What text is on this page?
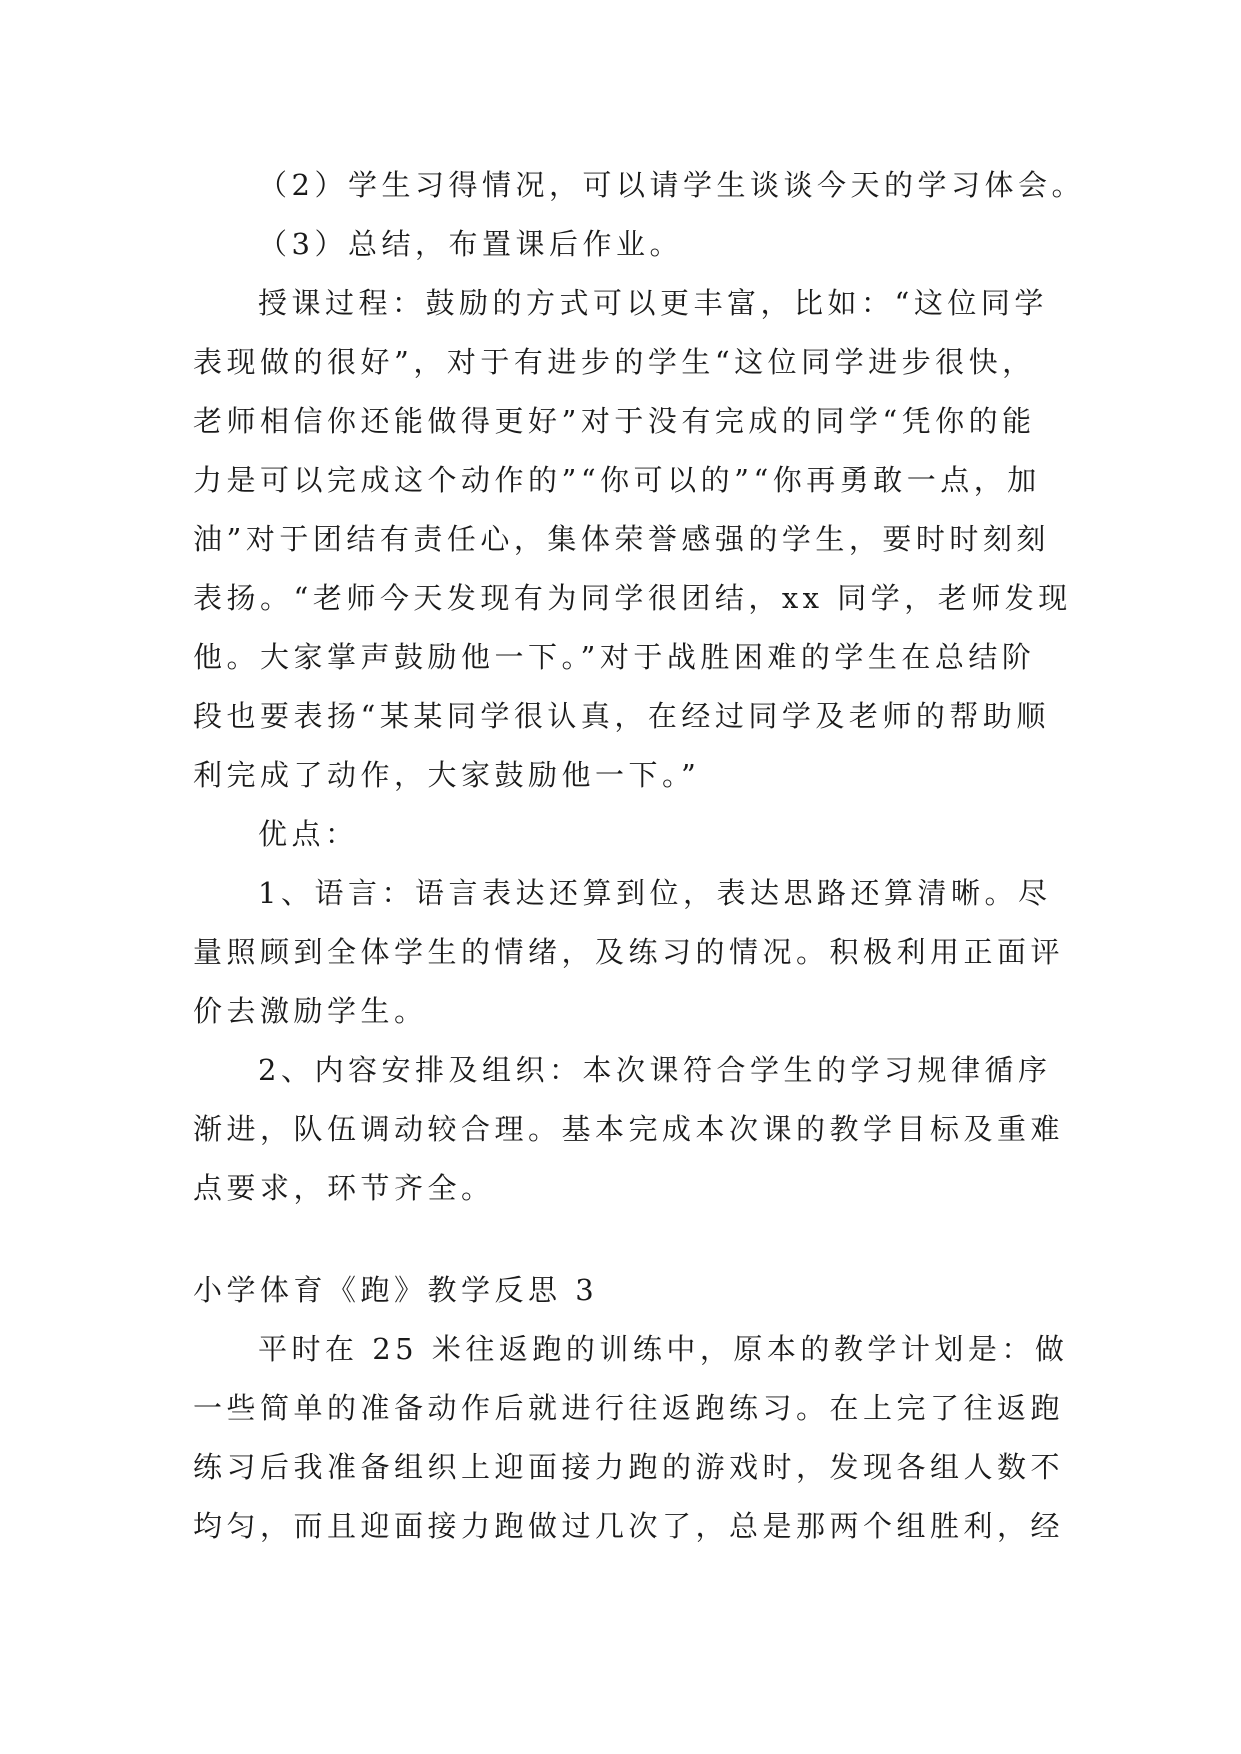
（2）学生习得情况，可以请学生谈谈今天的学习体会。
（3）总结，布置课后作业。
授课过程：鼓励的方式可以更丰富，比如：“这位同学
表现做的很好”，对于有进步的学生“这位同学进步很快，
老师相信你还能做得更好”对于没有完成的同学“凭你的能
力是可以完成这个动作的”“你可以的”“你再勇敢一点，加
油”对于团结有责任心，集体荣誉感强的学生，要时时刻刻
表扬。“老师今天发现有为同学很团结，xx 同学，老师发现
他。大家掌声鼓励他一下。”对于战胜困难的学生在总结阶
段也要表扬“某某同学很认真，在经过同学及老师的帮助顺
利完成了动作，大家鼓励他一下。”
优点：
1、语言：语言表达还算到位，表达思路还算清晰。尽
量照顾到全体学生的情绪，及练习的情况。积极利用正面评
价去激励学生。
2、内容安排及组织：本次课符合学生的学习规律循序
渐进，队伍调动较合理。基本完成本次课的教学目标及重难
点要求，环节齐全。
小学体育《跑》教学反思 3
平时在 25 米往返跑的训练中，原本的教学计划是：做
一些简单的准备动作后就进行往返跑练习。在上完了往返跑
练习后我准备组织上迎面接力跑的游戏时，发现各组人数不
均匀，而且迎面接力跑做过几次了，总是那两个组胜利，经
